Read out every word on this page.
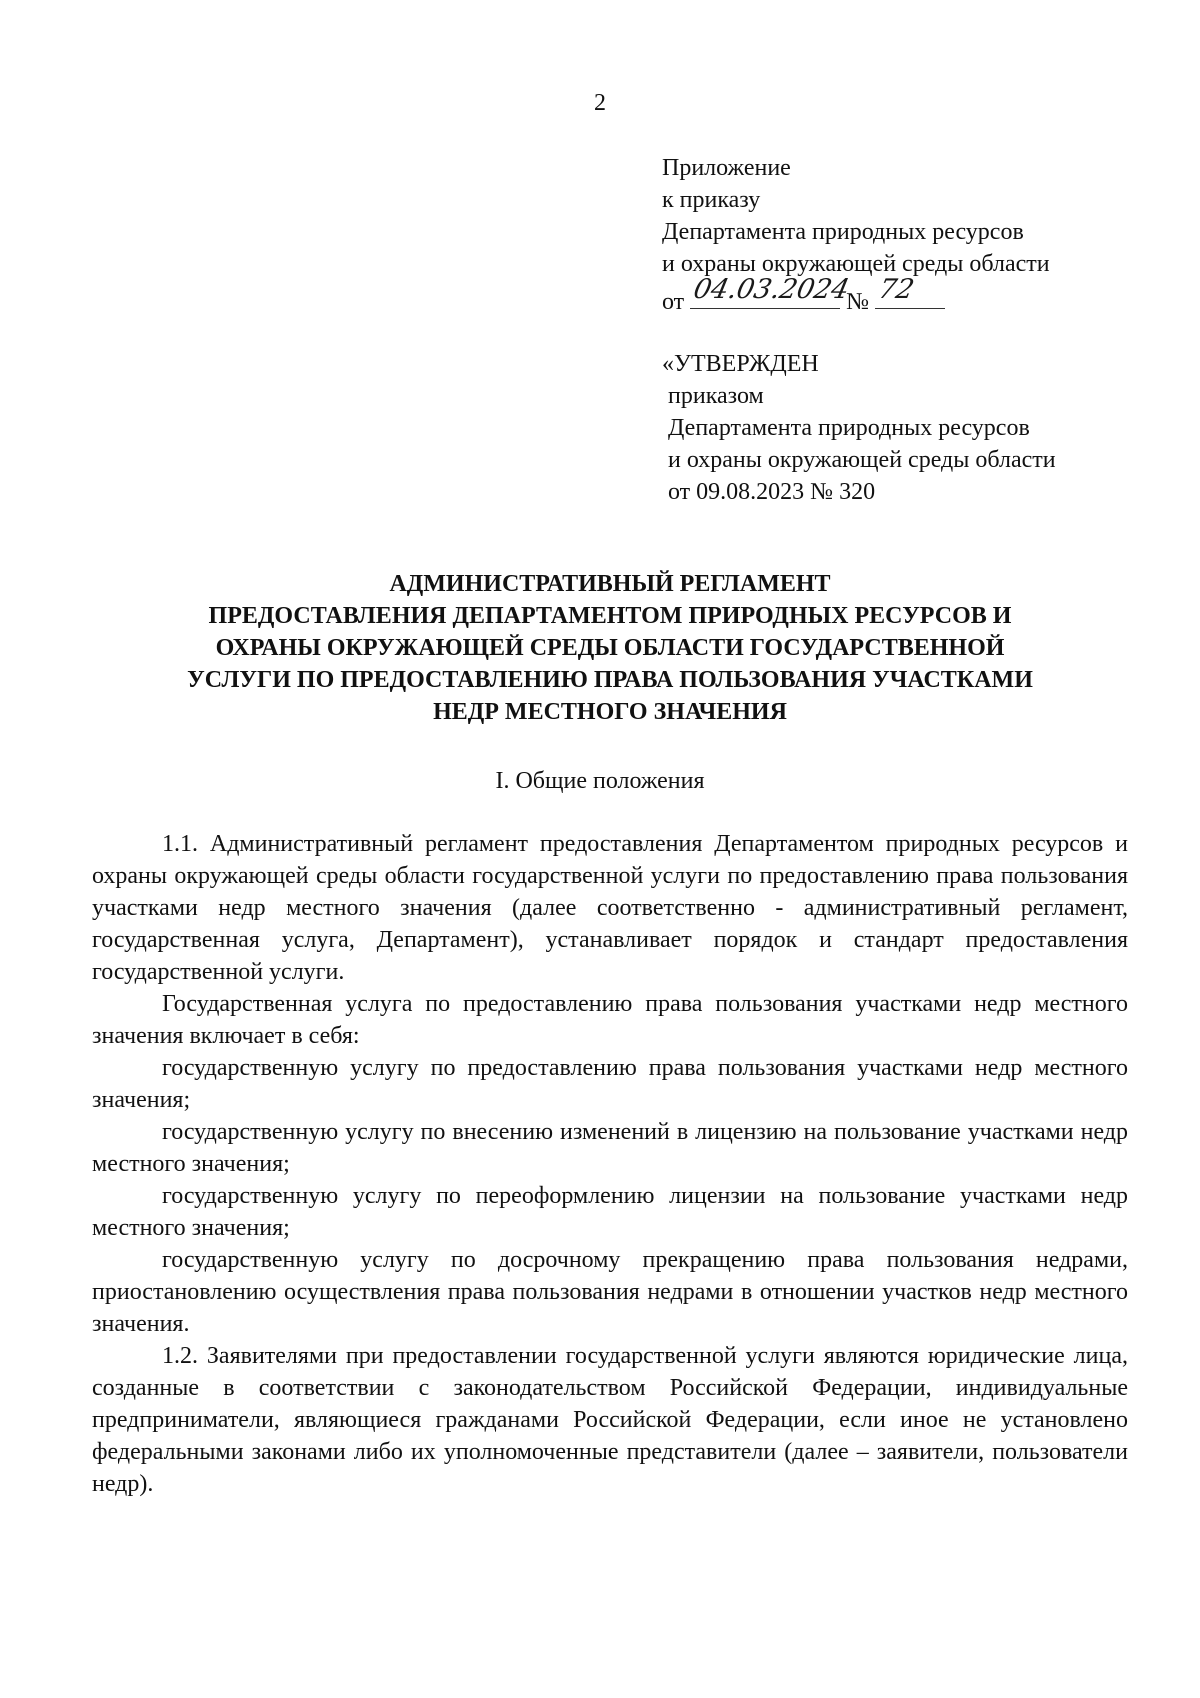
2
Приложение
к приказу
Департамента природных ресурсов
и охраны окружающей среды области
от 04.03.2024
№ 72
«УТВЕРЖДЕН
приказом
Департамента природных ресурсов
и охраны окружающей среды области
от 09.08.2023 № 320
АДМИНИСТРАТИВНЫЙ РЕГЛАМЕНТ
ПРЕДОСТАВЛЕНИЯ ДЕПАРТАМЕНТОМ ПРИРОДНЫХ РЕСУРСОВ И
ОХРАНЫ ОКРУЖАЮЩЕЙ СРЕДЫ ОБЛАСТИ ГОСУДАРСТВЕННОЙ
УСЛУГИ ПО ПРЕДОСТАВЛЕНИЮ ПРАВА ПОЛЬЗОВАНИЯ УЧАСТКАМИ
НЕДР МЕСТНОГО ЗНАЧЕНИЯ
I. Общие положения

1.1. Административный регламент предоставления Департаментом природных ресурсов и охраны окружающей среды области государственной услуги по предоставлению права пользования участками недр местного значения (далее соответственно - административный регламент, государственная услуга, Департамент), устанавливает порядок и стандарт предоставления государственной услуги.

Государственная услуга по предоставлению права пользования участками недр местного значения включает в себя:

государственную услугу по предоставлению права пользования участками недр местного значения;

государственную услугу по внесению изменений в лицензию на пользование участками недр местного значения;

государственную услугу по переоформлению лицензии на пользование участками недр местного значения;

государственную услугу по досрочному прекращению права пользования недрами, приостановлению осуществления права пользования недрами в отношении участков недр местного значения.

1.2. Заявителями при предоставлении государственной услуги являются юридические лица, созданные в соответствии с законодательством Российской Федерации, индивидуальные предприниматели, являющиеся гражданами Российской Федерации, если иное не установлено федеральными законами либо их уполномоченные представители (далее – заявители, пользователи недр).
